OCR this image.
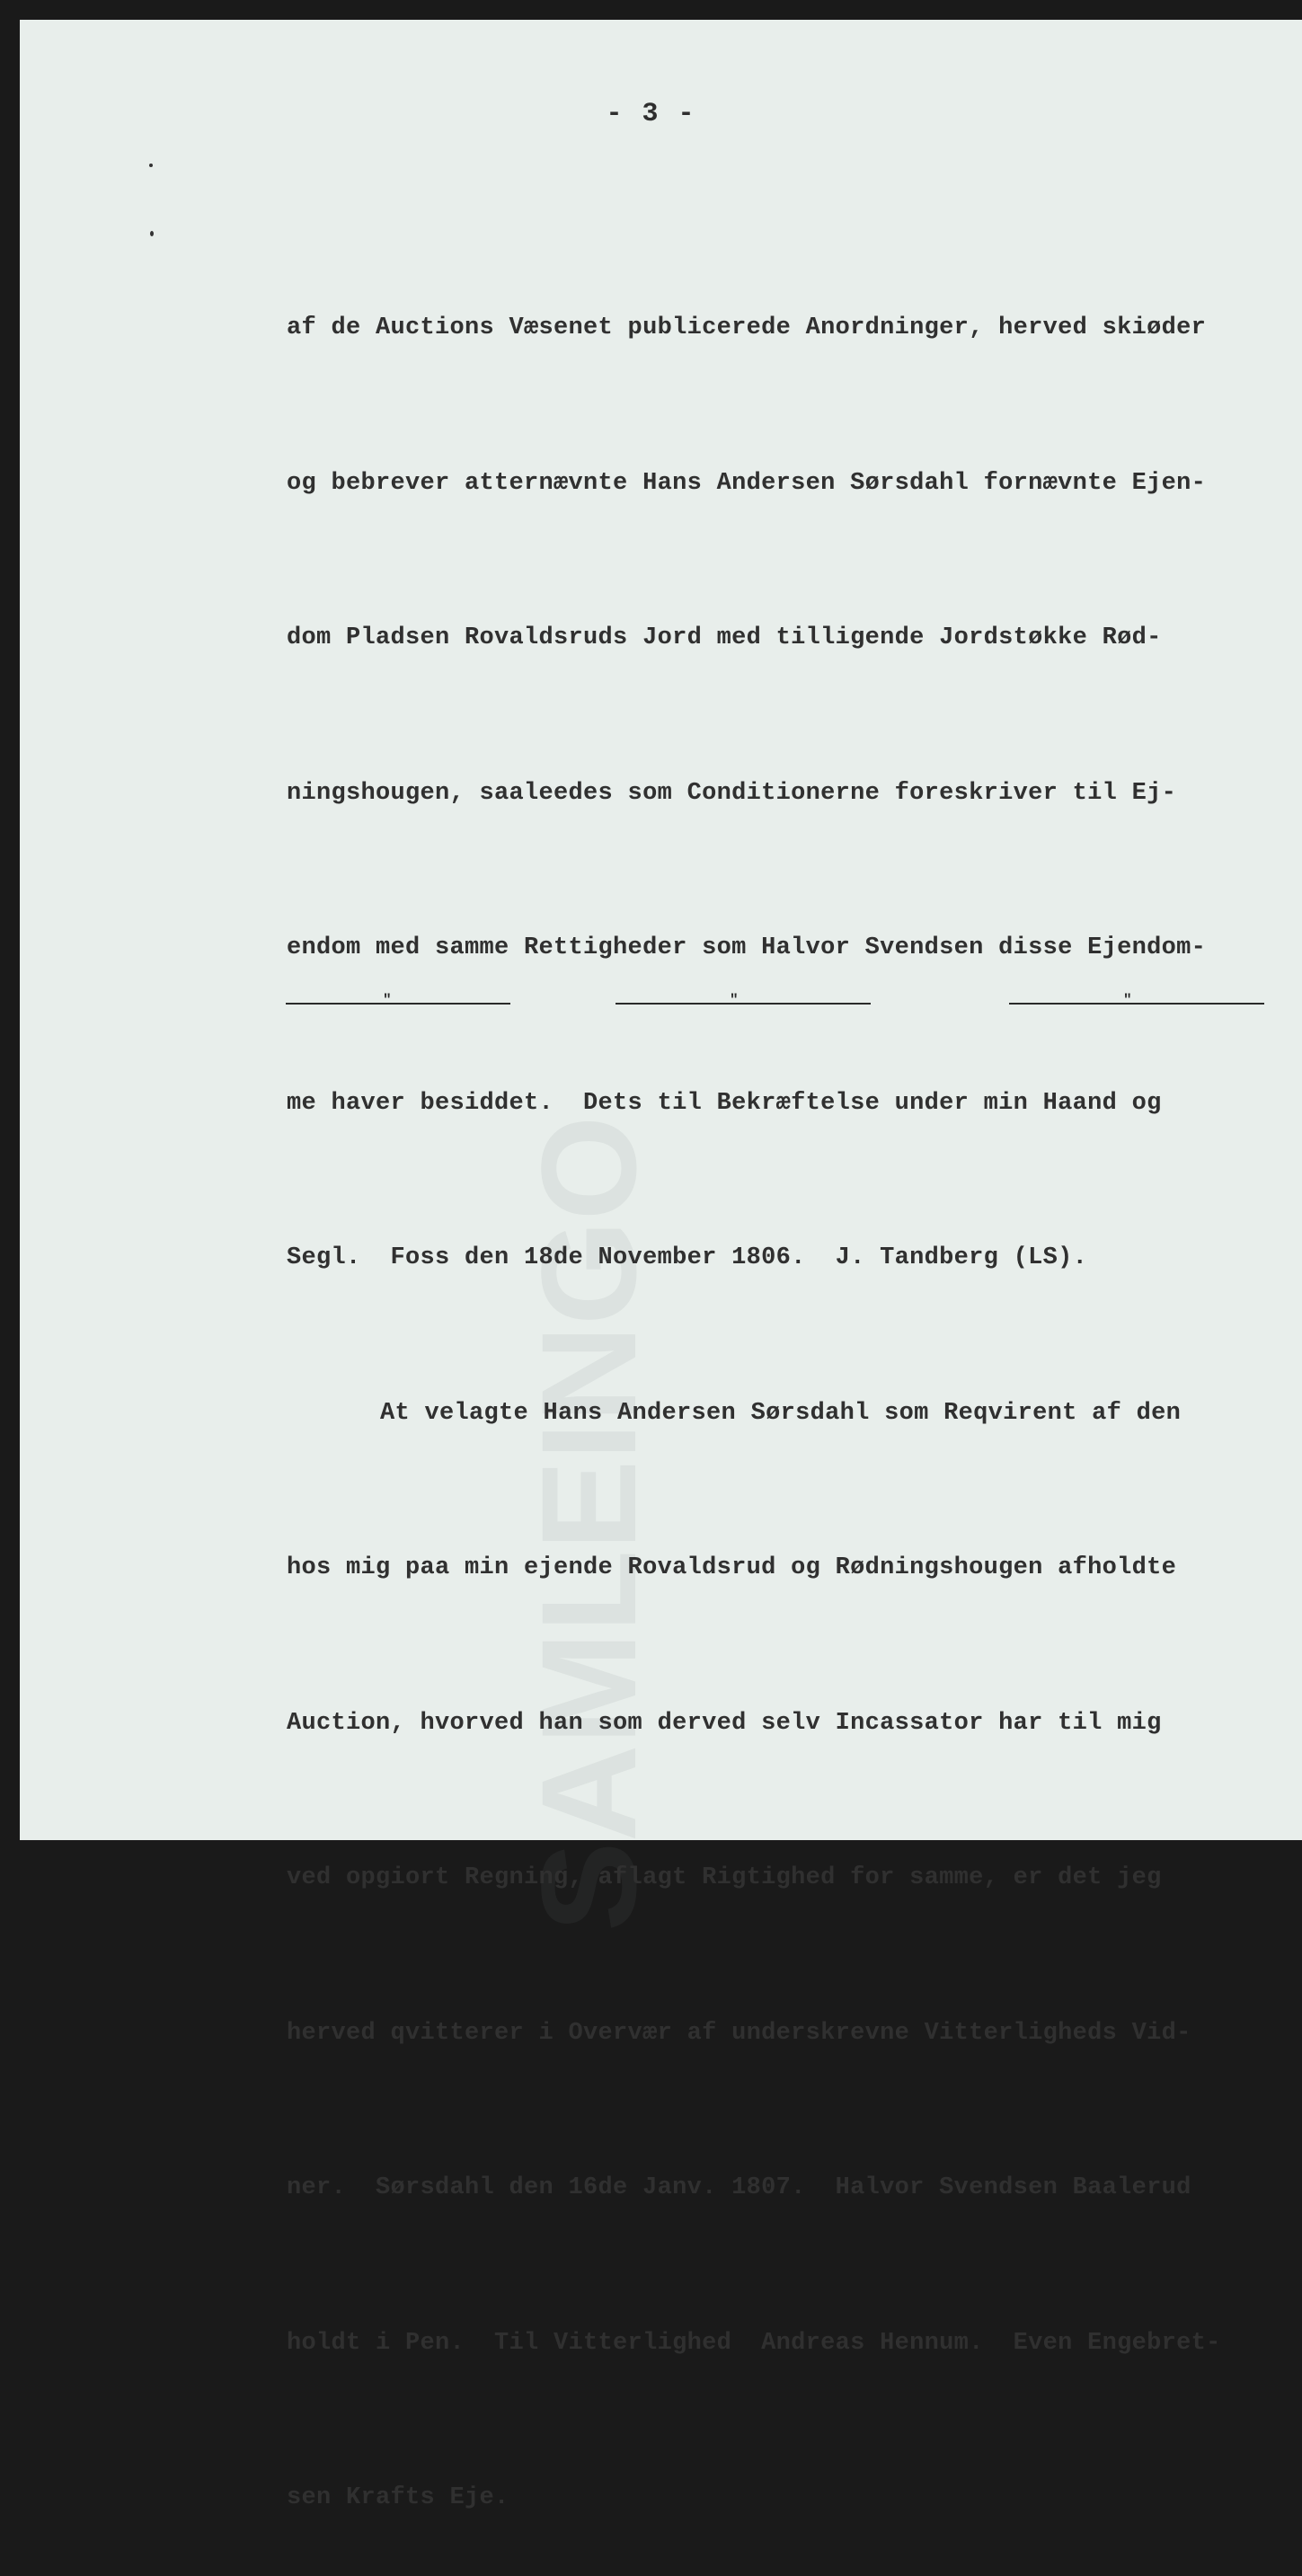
- 3 -

af de Auctions Væsenet publicerede Anordninger, herved skiøder

og bebrever atternævnte Hans Andersen Sørsdahl fornævnte Ejen-

dom Pladsen Rovaldsruds Jord med tilligende Jordstøkke Rød-

ningshougen, saaleedes som Conditionerne foreskriver til Ej-

endom med samme Rettigheder som Halvor Svendsen disse Ejendom-

me haver besiddet.  Dets til Bekræftelse under min Haand og

Segl.  Foss den 18de November 1806.  J. Tandberg (LS).

At velagte Hans Andersen Sørsdahl som Reqvirent af den

hos mig paa min ejende Rovaldsrud og Rødningshougen afholdte

Auction, hvorved han som derved selv Incassator har til mig

ved opgiort Regning, aflagt Rigtighed for samme, er det jeg

herved qvitterer i Overvær af underskrevne Vitterligheds Vid-

ner.  Sørsdahl den 16de Janv. 1807.  Halvor Svendsen Baalerud

holdt i Pen.  Til Vitterlighed  Andreas Hennum.  Even Engebret-

sen Krafts Eje.

"	"	"
